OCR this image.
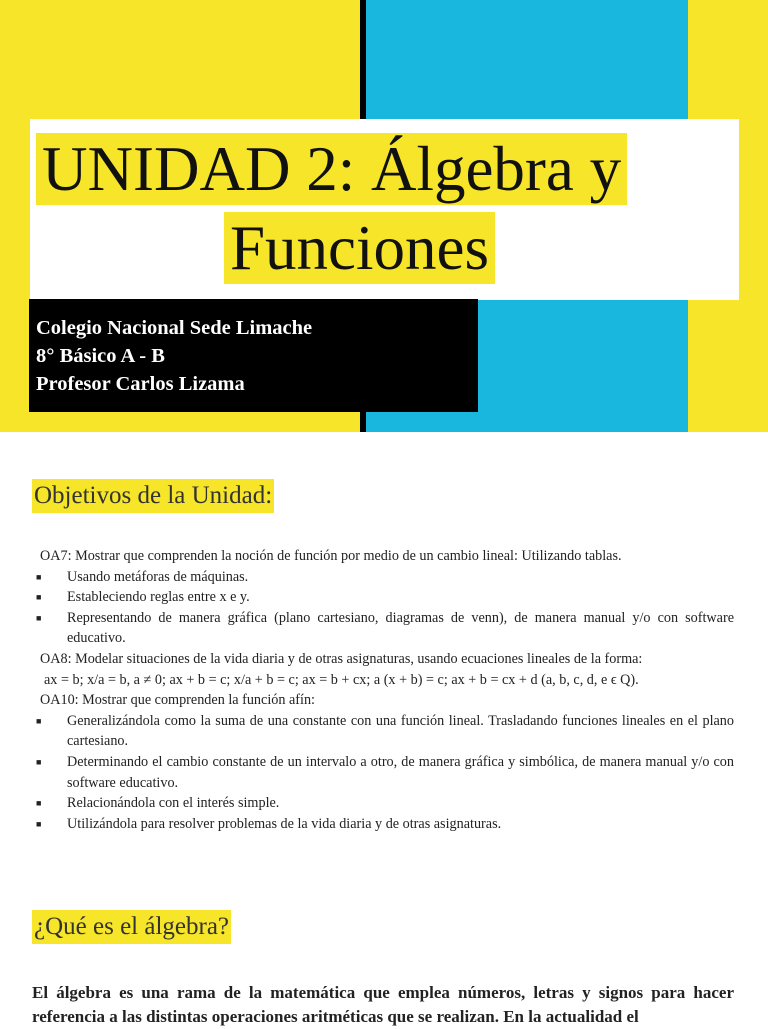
UNIDAD 2: Álgebra y
Funciones
Colegio Nacional Sede Limache
8° Básico A - B
Profesor Carlos Lizama
Objetivos de la Unidad:
OA7: Mostrar que comprenden la noción de función por medio de un cambio lineal: Utilizando tablas.
■	Usando metáforas de máquinas.
■	Estableciendo reglas entre x e y.
■	Representando de manera gráfica (plano cartesiano, diagramas de venn), de manera manual y/o con software educativo.
OA8: Modelar situaciones de la vida diaria y de otras asignaturas, usando ecuaciones lineales de la forma:
ax = b; x/a = b, a ≠ 0; ax + b = c; x/a + b = c; ax = b + cx; a (x + b) = c; ax + b = cx + d (a, b, c, d, e ϵ Q).
OA10: Mostrar que comprenden la función afín:
■	Generalizándola como la suma de una constante con una función lineal. Trasladando funciones lineales en el plano cartesiano.
■	Determinando el cambio constante de un intervalo a otro, de manera gráfica y simbólica, de manera manual y/o con software educativo.
■	Relacionándola con el interés simple.
■	Utilizándola para resolver problemas de la vida diaria y de otras asignaturas.
¿Qué es el álgebra?
El álgebra es una rama de la matemática que emplea números, letras y signos para hacer referencia a las distintas operaciones aritméticas que se realizan. En la actualidad el
